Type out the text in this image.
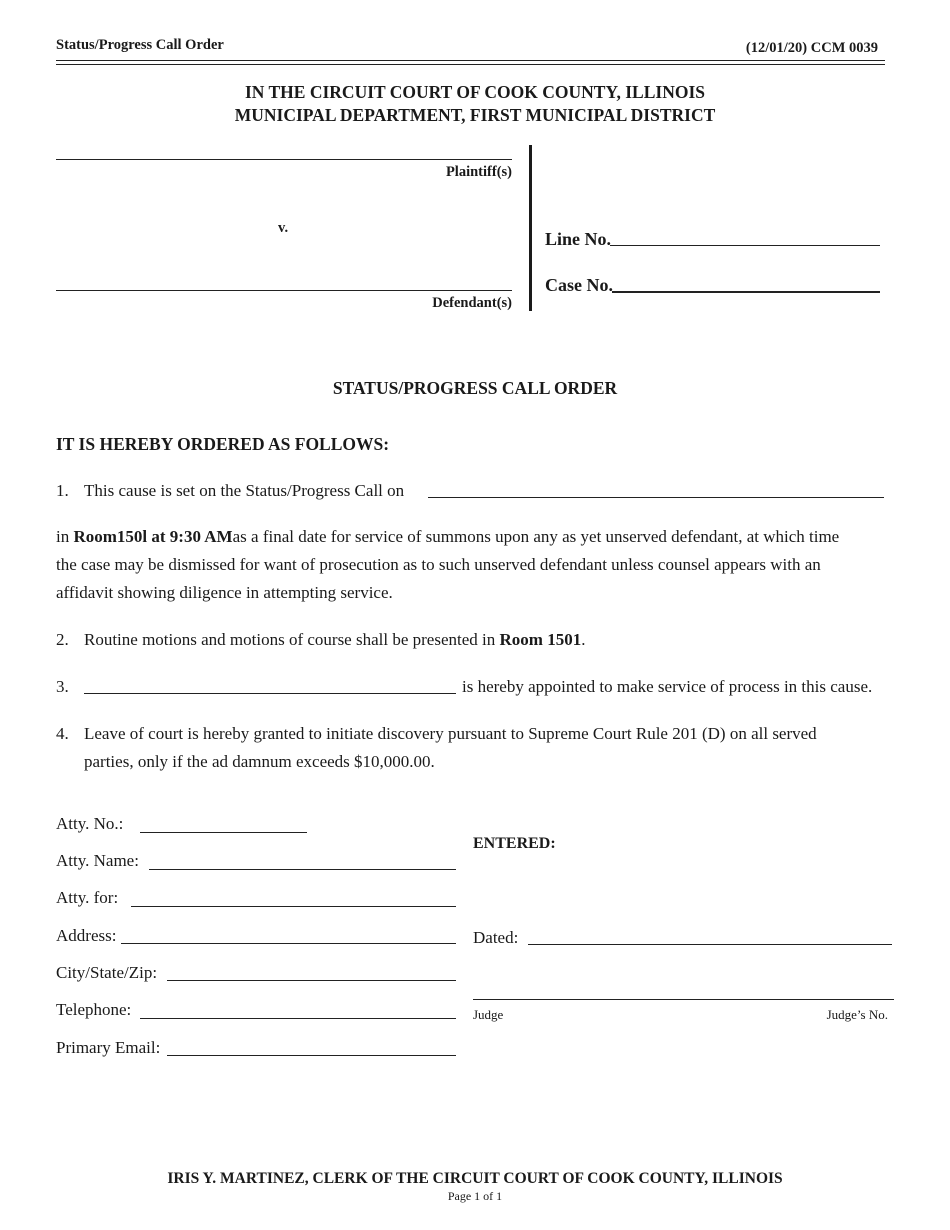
Status/Progress Call Order	(12/01/20) CCM 0039
IN THE CIRCUIT COURT OF COOK COUNTY, ILLINOIS
MUNICIPAL DEPARTMENT, FIRST MUNICIPAL DISTRICT
Plaintiff(s)
v.
Defendant(s)
Line No.
Case No.
STATUS/PROGRESS CALL ORDER
IT IS HEREBY ORDERED AS FOLLOWS:
1. This cause is set on the Status/Progress Call on
in Room150l at 9:30 AMas a final date for service of summons upon any as yet unserved defendant, at which time
the case may be dismissed for want of prosecution as to such unserved defendant unless counsel appears with an
affidavit showing diligence in attempting service.
2. Routine motions and motions of course shall be presented in Room 1501.
3.	is hereby appointed to make service of process in this cause.
4. Leave of court is hereby granted to initiate discovery pursuant to Supreme Court Rule 201 (D) on all served
parties, only if the ad damnum exceeds $10,000.00.
Atty. No.:
Atty. Name:
Atty. for:
Address:
City/State/Zip:
Telephone:
Primary Email:
ENTERED:
Dated:
Judge	Judge’s No.
IRIS Y. MARTINEZ, CLERK OF THE CIRCUIT COURT OF COOK COUNTY, ILLINOIS
Page 1 of 1
